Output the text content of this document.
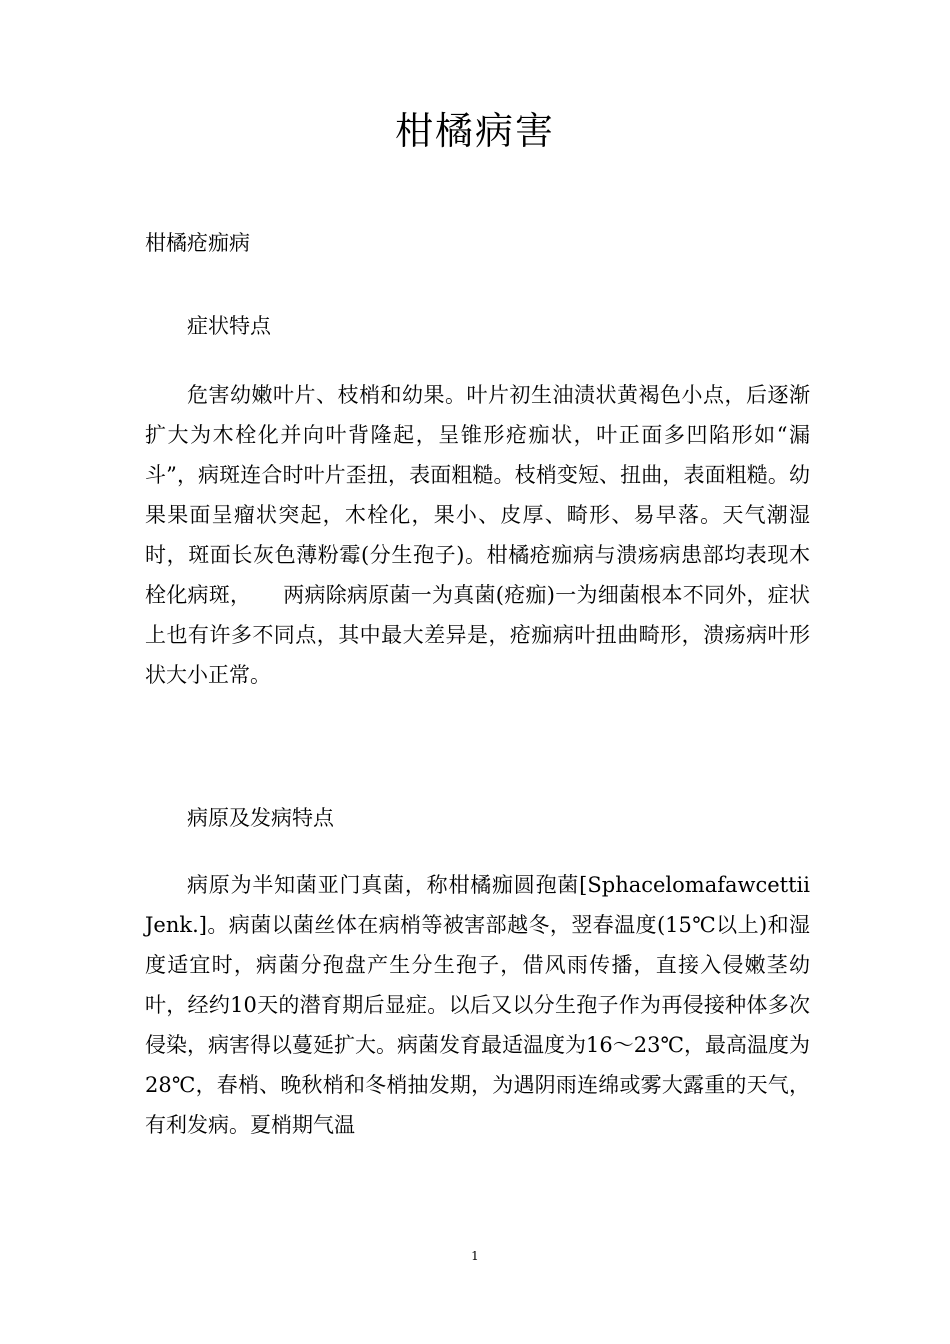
柑橘病害
柑橘疮痂病
症状特点
危害幼嫩叶片、枝梢和幼果。叶片初生油渍状黄褐色小点，后逐渐扩大为木栓化并向叶背隆起，呈锥形疮痂状，叶正面多凹陷形如“漏斗”，病斑连合时叶片歪扭，表面粗糙。枝梢变短、扭曲，表面粗糙。幼果果面呈瘤状突起，木栓化，果小、皮厚、畸形、易早落。天气潮湿时，斑面长灰色薄粉霉(分生孢子)。柑橘疮痂病与溃疡病患部均表现木栓化病斑，　　两病除病原菌一为真菌(疮痂)一为细菌根本不同外，症状上也有许多不同点，其中最大差异是，疮痂病叶扭曲畸形，溃疡病叶形状大小正常。
病原及发病特点
病原为半知菌亚门真菌，称柑橘痂圆孢菌[Sphacelomafawcettii Jenk.]。病菌以菌丝体在病梢等被害部越冬，翌春温度(15℃以上)和湿度适宜时，病菌分孢盘产生分生孢子，借风雨传播，直接入侵嫩茎幼叶，经约10天的潜育期后显症。以后又以分生孢子作为再侵接种体多次侵染，病害得以蔓延扩大。病菌发育最适温度为16～23℃，最高温度为28℃，春梢、晚秋梢和冬梢抽发期，为遇阴雨连绵或雾大露重的天气，有利发病。夏梢期气温
1
